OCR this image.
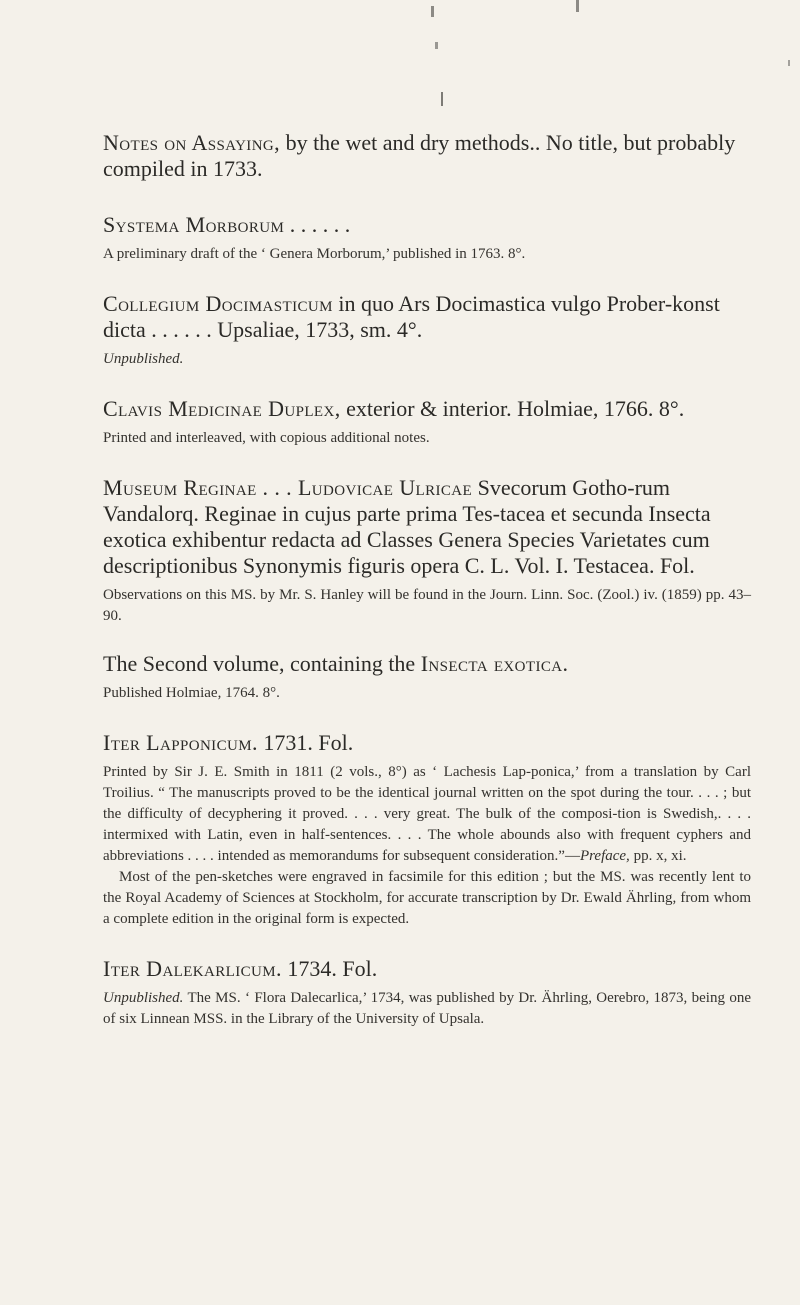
Notes on Assaying, by the wet and dry methods.. No title, but probably compiled in 1733.

Systema Morborum . . . . . .

A preliminary draft of the ‘ Genera Morborum,’ published in 1763. 8°.

Collegium Docimasticum in quo Ars Docimastica vulgo Prober-konst dicta . . . . . . Upsaliae, 1733, sm. 4°.

Unpublished.

Clavis Medicinae Duplex, exterior & interior. Holmiae, 1766. 8°.

Printed and interleaved, with copious additional notes.

Museum Reginae . . . Ludovicae Ulricae Svecorum Gotho-rum Vandalorq. Reginae in cujus parte prima Tes-tacea et secunda Insecta exotica exhibentur redacta ad Classes Genera Species Varietates cum descriptionibus Synonymis figuris opera C. L. Vol. I. Testacea. Fol.

Observations on this MS. by Mr. S. Hanley will be found in the Journ. Linn. Soc. (Zool.) iv. (1859) pp. 43–90.

The Second volume, containing the Insecta exotica.

Published Holmiae, 1764. 8°.

Iter Lapponicum. 1731. Fol.

Printed by Sir J. E. Smith in 1811 (2 vols., 8°) as ‘ Lachesis Lap-ponica,’ from a translation by Carl Troilius. “ The manuscripts proved to be the identical journal written on the spot during the tour. . . . ; but the difficulty of decyphering it proved. . . . very great. The bulk of the composi-tion is Swedish,. . . . intermixed with Latin, even in half-sentences. . . . The whole abounds also with frequent cyphers and abbreviations . . . . intended as memorandums for subsequent consideration.”—Preface, pp. x, xi.

Most of the pen-sketches were engraved in facsimile for this edition ; but the MS. was recently lent to the Royal Academy of Sciences at Stockholm, for accurate transcription by Dr. Ewald Ährling, from whom a complete edition in the original form is expected.

Iter Dalekarlicum. 1734. Fol.

Unpublished. The MS. ‘ Flora Dalecarlica,’ 1734, was published by Dr. Ährling, Oerebro, 1873, being one of six Linnean MSS. in the Library of the University of Upsala.
